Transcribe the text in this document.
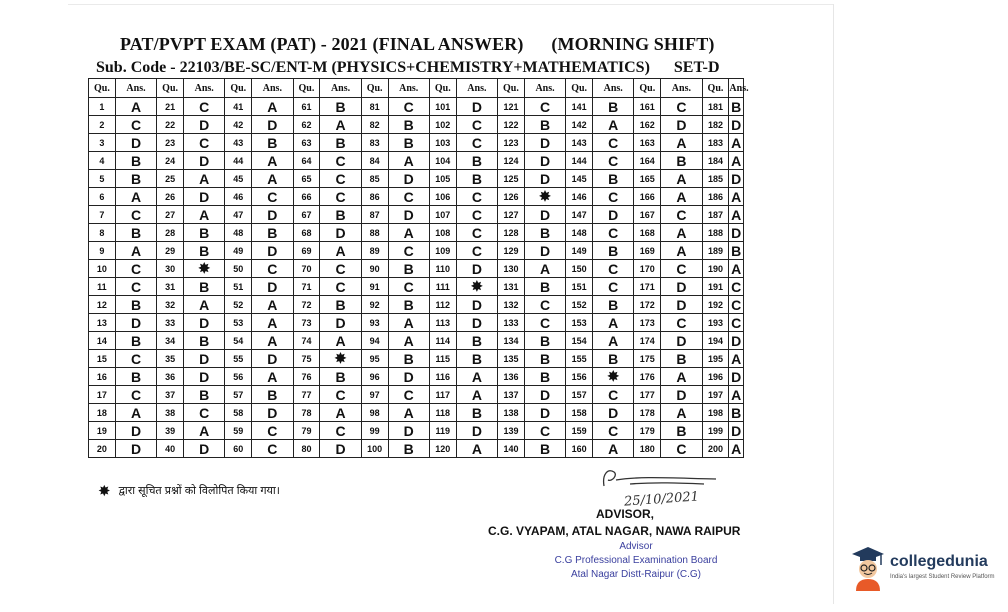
PAT/PVPT EXAM (PAT) - 2021 (FINAL ANSWER) (MORNING SHIFT)
Sub. Code - 22103/BE-SC/ENT-M (PHYSICS+CHEMISTRY+MATHEMATICS) SET-D
Qu.	Ans.	Qu.	Ans.	Qu.	Ans.	Qu.	Ans.	Qu.	Ans.	Qu.	Ans.	Qu.	Ans.	Qu.	Ans.	Qu.	Ans.	Qu.	Ans.
1	A	21	C	41	A	61	B	81	C	101	D	121	C	141	B	161	C	181	B
2	C	22	D	42	D	62	A	82	B	102	C	122	B	142	A	162	D	182	D
3	D	23	C	43	B	63	B	83	B	103	C	123	D	143	C	163	A	183	A
4	B	24	D	44	A	64	C	84	A	104	B	124	D	144	C	164	B	184	A
5	B	25	A	45	A	65	C	85	D	105	B	125	D	145	B	165	A	185	D
6	A	26	D	46	C	66	C	86	C	106	C	126	✸	146	C	166	A	186	A
7	C	27	A	47	D	67	B	87	D	107	C	127	D	147	D	167	C	187	A
8	B	28	B	48	B	68	D	88	A	108	C	128	B	148	C	168	A	188	D
9	A	29	B	49	D	69	A	89	C	109	C	129	D	149	B	169	A	189	B
10	C	30	✸	50	C	70	C	90	B	110	D	130	A	150	C	170	C	190	A
11	C	31	B	51	D	71	C	91	C	111	✸	131	B	151	C	171	D	191	C
12	B	32	A	52	A	72	B	92	B	112	D	132	C	152	B	172	D	192	C
13	D	33	D	53	A	73	D	93	A	113	D	133	C	153	A	173	C	193	C
14	B	34	B	54	A	74	A	94	A	114	B	134	B	154	A	174	D	194	D
15	C	35	D	55	D	75	✸	95	B	115	B	135	B	155	B	175	B	195	A
16	B	36	D	56	A	76	B	96	D	116	A	136	B	156	✸	176	A	196	D
17	C	37	B	57	B	77	C	97	C	117	A	137	D	157	C	177	D	197	A
18	A	38	C	58	D	78	A	98	A	118	B	138	D	158	D	178	A	198	B
19	D	39	A	59	C	79	C	99	D	119	D	139	C	159	C	179	B	199	D
20	D	40	D	60	C	80	D	100	B	120	A	140	B	160	A	180	C	200	A
✸ द्वारा सूचित प्रश्नों को विलोपित किया गया।	25/10/2021
ADVISOR,
C.G. VYAPAM, ATAL NAGAR, NAWA RAIPUR
Advisor
C.G Professional Examination Board
Atal Nagar Distt-Raipur (C.G)
collegedunia
India's largest Student Review Platform
